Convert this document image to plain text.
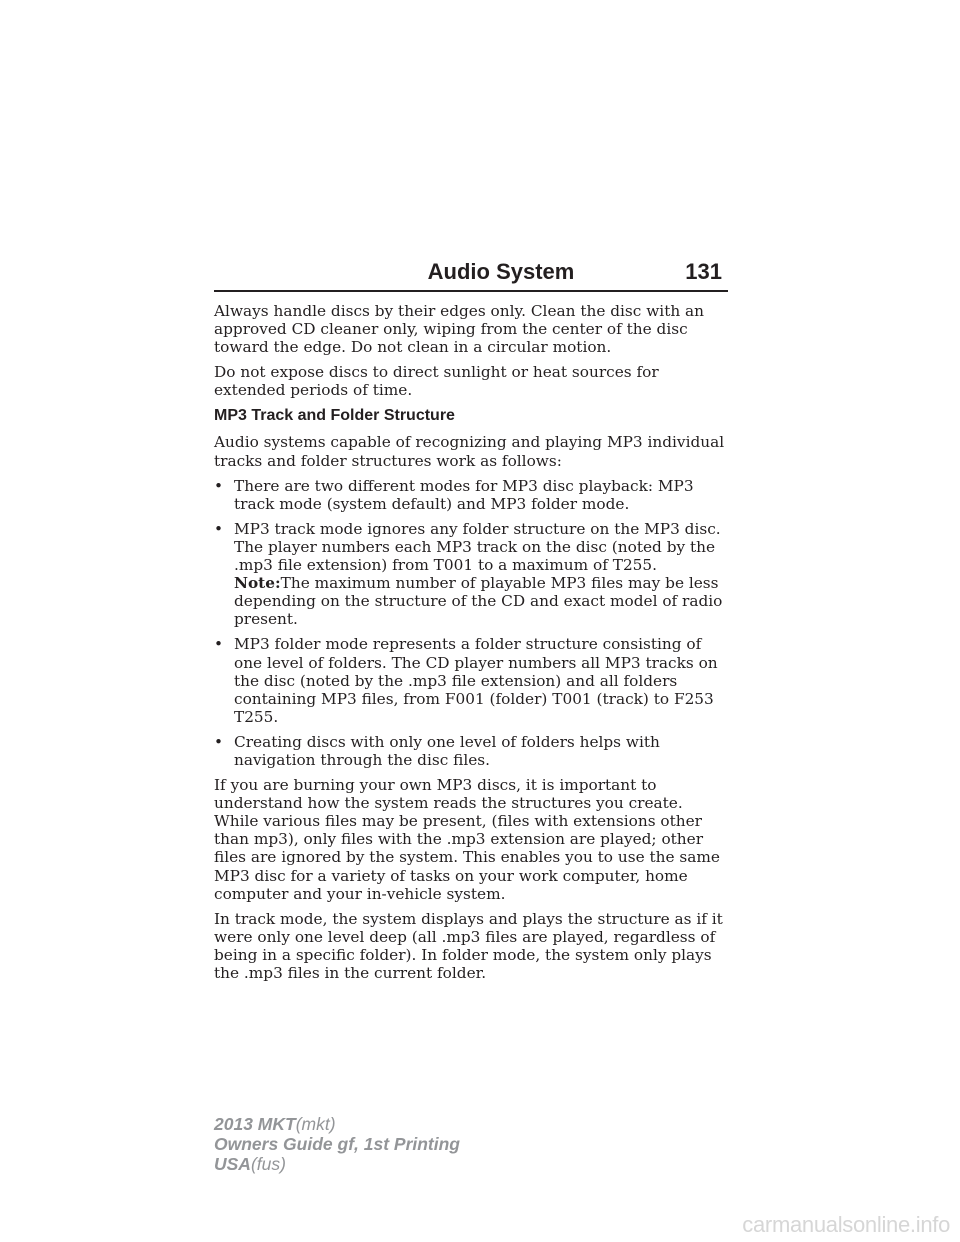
Audio System	131

Always handle discs by their edges only. Clean the disc with an approved CD cleaner only, wiping from the center of the disc toward the edge. Do not clean in a circular motion.

Do not expose discs to direct sunlight or heat sources for extended periods of time.

MP3 Track and Folder Structure

Audio systems capable of recognizing and playing MP3 individual tracks and folder structures work as follows:

• There are two different modes for MP3 disc playback: MP3 track mode (system default) and MP3 folder mode.
• MP3 track mode ignores any folder structure on the MP3 disc. The player numbers each MP3 track on the disc (noted by the .mp3 file extension) from T001 to a maximum of T255. Note:The maximum number of playable MP3 files may be less depending on the structure of the CD and exact model of radio present.
• MP3 folder mode represents a folder structure consisting of one level of folders. The CD player numbers all MP3 tracks on the disc (noted by the .mp3 file extension) and all folders containing MP3 files, from F001 (folder) T001 (track) to F253 T255.
• Creating discs with only one level of folders helps with navigation through the disc files.

If you are burning your own MP3 discs, it is important to understand how the system reads the structures you create. While various files may be present, (files with extensions other than mp3), only files with the .mp3 extension are played; other files are ignored by the system. This enables you to use the same MP3 disc for a variety of tasks on your work computer, home computer and your in-vehicle system.

In track mode, the system displays and plays the structure as if it were only one level deep (all .mp3 files are played, regardless of being in a specific folder). In folder mode, the system only plays the .mp3 files in the current folder.

2013 MKT(mkt)
Owners Guide gf, 1st Printing
USA(fus)
carmanualsonline.info
